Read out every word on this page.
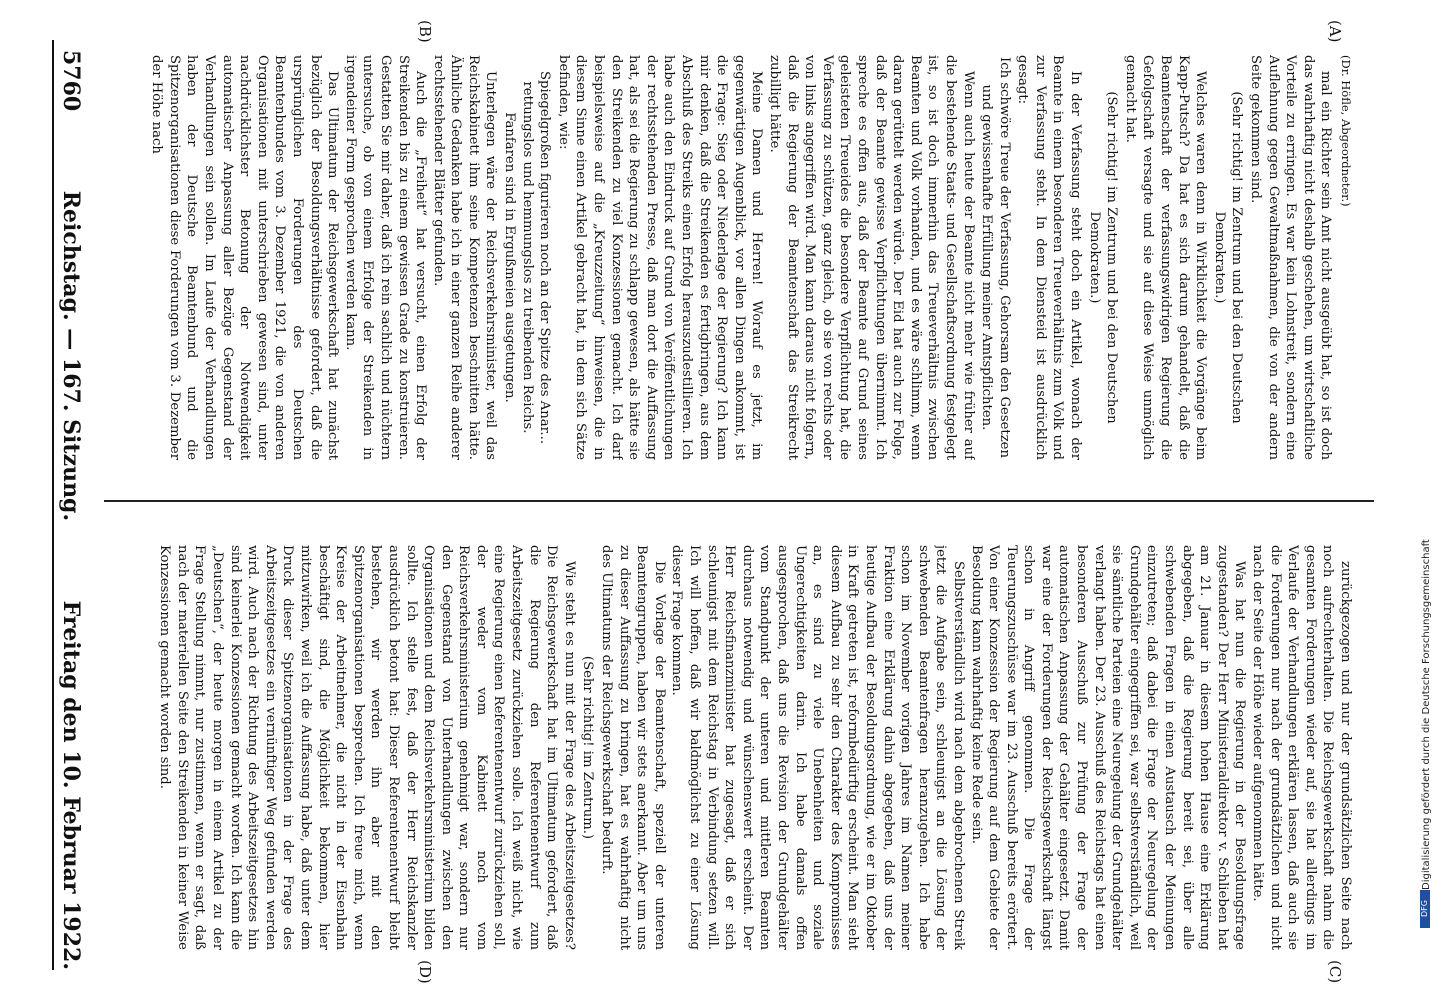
5760
Reichstag. — 167. Sitzung.
Freitag den 10. Februar 1922.
(A)
(B)
(C)
(D)

(Dr. Höfle, Abgeordneter.)

mal ein Richter sein Amt nicht ausgeübt hat, so ist doch das wahrhaftig nicht deshalb geschehen, um wirtschaftliche Vorteile zu erringen. Es war kein Lohnstreit, sondern eine Auflehnung gegen Gewaltmaßnahmen, die von der andern Seite gekommen sind.

(Sehr richtig! im Zentrum und bei den Deutschen Demokraten.)

Welches waren denn in Wirklichkeit die Vorgänge beim Kapp-Putsch? Da hat es sich darum gehandelt, daß die Beamtenschaft der verfassungswidrigen Regierung die Gefolgschaft versagte und sie auf diese Weise unmöglich gemacht hat.

(Sehr richtig! im Zentrum und bei den Deutschen Demokraten.)

In der Verfassung steht doch ein Artikel, wonach der Beamte in einem besonderen Treueverhältnis zum Volk und zur Verfassung steht. In dem Diensteid ist ausdrücklich gesagt:

Ich schwöre Treue der Verfassung, Gehorsam den Gesetzen und gewissenhafte Erfüllung meiner Amtspflichten.

Wenn auch heute der Beamte nicht mehr wie früher auf die bestehende Staats- und Gesellschaftsordnung festgelegt ist, so ist doch immerhin das Treueverhältnis zwischen Beamten und Volk vorhanden, und es wäre schlimm, wenn daran gerüttelt werden würde. Der Eid hat auch zur Folge, daß der Beamte gewisse Verpflichtungen übernimmt. Ich spreche es offen aus, daß der Beamte auf Grund seines geleisteten Treueides die besondere Verpflichtung hat, die Verfassung zu schützen, ganz gleich, ob sie von rechts oder von links angegriffen wird. Man kann daraus nicht folgern, daß die Regierung der Beamtenschaft das Streikrecht zubilligt hätte.

Meine Damen und Herren! Worauf es jetzt, im gegenwärtigen Augenblick, vor allen Dingen ankommt, ist die Frage: Sieg oder Niederlage der Regierung? Ich kann mir denken, daß die Streikenden es fertigbringen, aus dem Abschluß des Streiks einen Erfolg herauszudestillieren. Ich habe auch den Eindruck auf Grund von Veröffentlichungen der rechtsstehenden Presse, daß man dort die Auffassung hat, als sei die Regierung zu schlapp gewesen, als hätte sie den Streikenden zu viel Konzessionen gemacht. Ich darf beispielsweise auf die „Kreuzzeitung“ hinweisen, die in diesem Sinne einen Artikel gebracht hat, in dem sich Sätze befinden, wie:

Spiegelgroßen figurieren noch an der Spitze des Anar... rettungslos und hemmungslos zu treibenden Reichs. Fanfaren sind in Ergußmeien ausgetungen.

Unterlegen wäre der Reichsverkehrsminister, weil das Reichskabinett ihm seine Kompetenzen beschnitten hätte. Ähnliche Gedanken habe ich in einer ganzen Reihe anderer rechtsstehender Blätter gefunden.

Auch die „Freiheit“ hat versucht, einen Erfolg der Streikenden bis zu einem gewissen Grade zu konstruieren. Gestatten Sie mir daher, daß ich rein sachlich und nüchtern untersuche, ob von einem Erfolge der Streikenden in irgendeiner Form gesprochen werden kann.

Das Ultimatum der Reichsgewerkschaft hat zunächst bezüglich der Besoldungsverhältnisse gefordert, daß die ursprünglichen Forderungen des Deutschen Beamtenbundes vom 3. Dezember 1921, die von anderen Organisationen mit unterschrieben gewesen sind, unter nachdrücklichster Betonung der Notwendigkeit automatischer Anpassung aller Bezüge Gegenstand der Verhandlungen sein sollen. Im Laufe der Verhandlungen haben der Deutsche Beamtenbund und die Spitzenorganisationen diese Forderungen vom 3. Dezember der Höhe nach

zurückgezogen und nur der grundsätzlichen Seite nach noch aufrechterhalten. Die Reichsgewerkschaft nahm die gesamten Forderungen wieder auf, sie hat allerdings im Verlaufe der Verhandlungen erklären lassen, daß auch sie die Forderungen nur nach der grundsätzlichen und nicht nach der Seite der Höhe wieder aufgenommen hätte.

Was hat nun die Regierung in der Besoldungsfrage zugestanden? Der Herr Ministerialdirektor v. Schlieben hat am 21. Januar in diesem hohen Hause eine Erklärung abgegeben, daß die Regierung bereit sei, über alle schwebenden Fragen in einen Austausch der Meinungen einzutreten; daß dabei die Frage der Neuregelung der Grundgehälter eingegriffen sei, war selbstverständlich, weil sie sämtliche Parteien eine Neuregelung der Grundgehälter verlangt haben. Der 23. Ausschuß des Reichstags hat einen besonderen Ausschuß zur Prüfung der Frage der automatischen Anpassung der Gehälter eingesetzt. Damit war eine der Forderungen der Reichsgewerkschaft längst schon in Angriff genommen. Die Frage der Teuerungszuschüsse war im 23. Ausschuß bereits erörtert. Von einer Konzession der Regierung auf dem Gebiete der Besoldung kann wahrhaftig keine Rede sein.

Selbstverständlich wird nach dem abgebrochenen Streik jetzt die Aufgabe sein, schleunigst an die Lösung der schwebenden Beamtenfragen heranzugehen. Ich habe schon im November vorigen Jahres im Namen meiner Fraktion eine Erklärung dahin abgegeben, daß uns der heutige Aufbau der Besoldungsordnung, wie er im Oktober in Kraft getreten ist, reformbedürftig erscheint. Man sieht diesem Aufbau zu sehr den Charakter des Kompromisses an, es sind zu viele Unebenheiten und soziale Ungerechtigkeiten darin. Ich habe damals offen ausgesprochen, daß uns die Revision der Grundgehälter vom Standpunkt der unteren und mittleren Beamten durchaus notwendig und wünschenswert erscheint. Der Herr Reichsfinanzminister hat zugesagt, daß er sich schleunigst mit dem Reichstag in Verbindung setzen will. Ich will hoffen, daß wir baldmöglichst zu einer Lösung dieser Frage kommen.

Die Vorlage der Beamtenschaft, speziell der unteren Beamtengruppen, haben wir stets anerkannt. Aber um uns zu dieser Auffassung zu bringen, hat es wahrhaftig nicht des Ultimatums der Reichsgewerkschaft bedurft.

(Sehr richtig! im Zentrum.)

Wie steht es nun mit der Frage des Arbeitszeitgesetzes? Die Reichsgewerkschaft hat im Ultimatum gefordert, daß die Regierung den Referentenentwurf zum Arbeitszeitgesetz zurückziehen solle. Ich weiß nicht, wie eine Regierung einen Referentenentwurf zurückziehen soll, der weder vom Kabinett noch vom Reichsverkehrsministerium genehmigt war, sondern nur den Gegenstand von Unterhandlungen zwischen den Organisationen und dem Reichsverkehrsministerium bilden sollte. Ich stelle fest, daß der Herr Reichskanzler ausdrücklich betont hat: Dieser Referentenentwurf bleibt bestehen, wir werden ihn aber mit den Spitzenorganisationen besprechen. Ich freue mich, wenn Kreise der Arbeitnehmer, die nicht in der Eisenbahn beschäftigt sind, die Möglichkeit bekommen, hier mitzuwirken, weil ich die Auffassung habe, daß unter dem Druck dieser Spitzenorganisationen in der Frage des Arbeitszeitgesetzes ein vernünftiger Weg gefunden werden wird. Auch nach der Richtung des Arbeitszeitgesetzes hin sind keinerlei Konzessionen gemacht worden. Ich kann die „Deutschen“, der heute morgen in einem Artikel zu der Frage Stellung nimmt, nur zustimmen, wenn er sagt, daß nach der materiellen Seite den Streikenden in keiner Weise Konzessionen gemacht worden sind.	Digitalisierung gefördert durch die Deutsche Forschungsgemeinschaft
DFG
